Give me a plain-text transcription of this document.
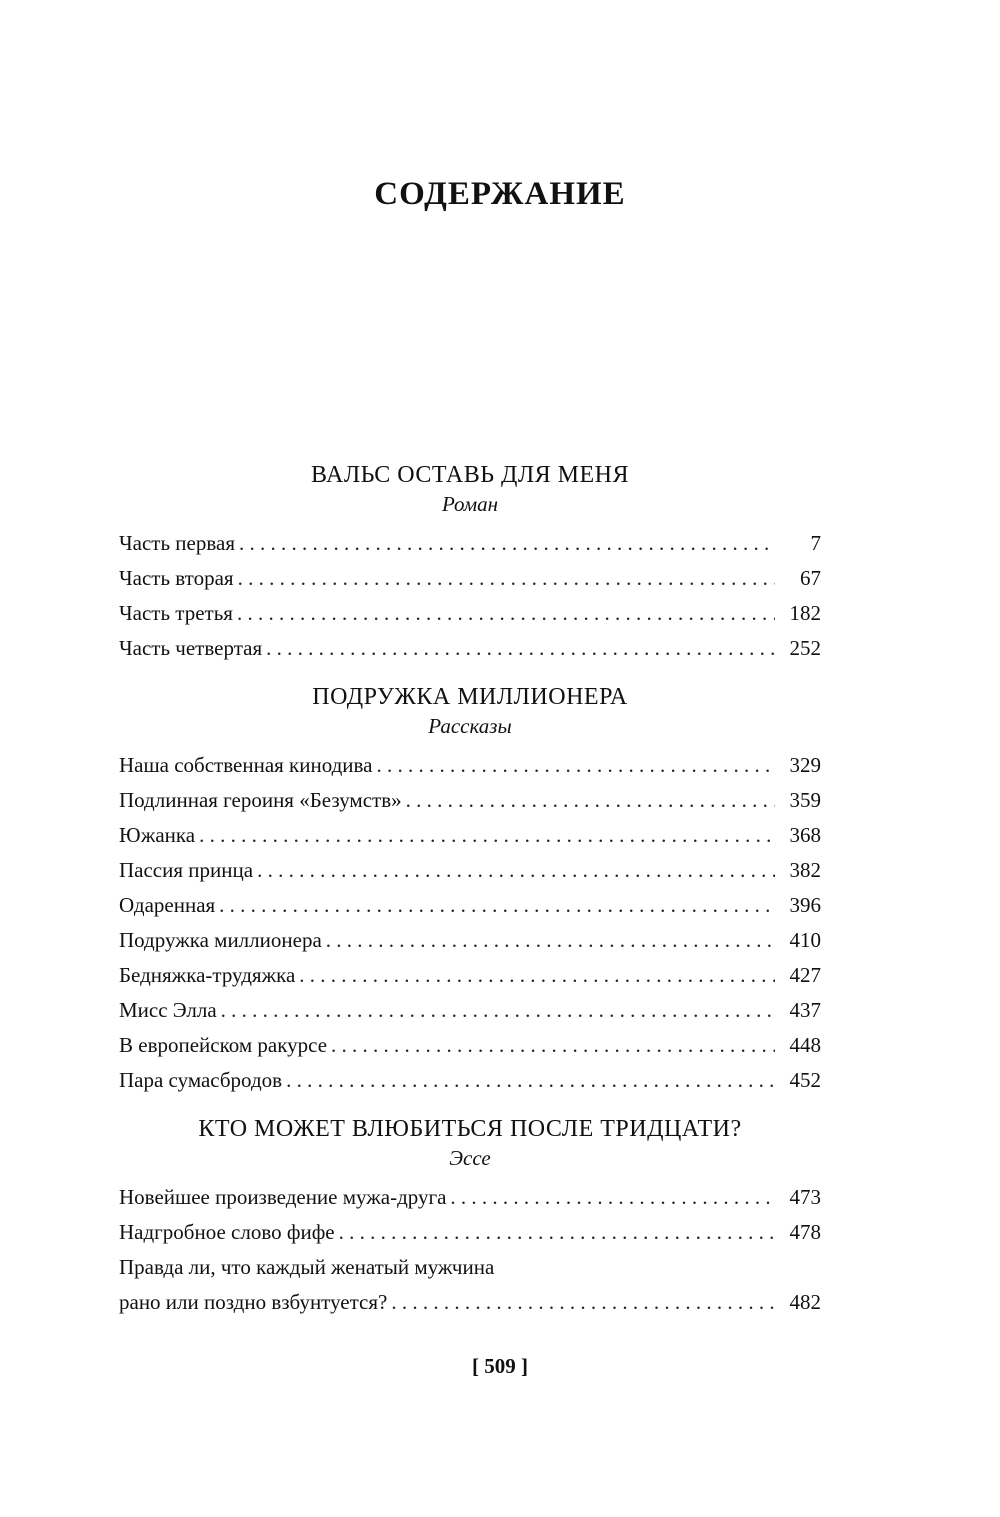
СОДЕРЖАНИЕ
ВАЛЬС ОСТАВЬ ДЛЯ МЕНЯ
Роман
Часть первая . . .	7
Часть вторая . . .	67
Часть третья . . .	182
Часть четвертая . . .	252
ПОДРУЖКА МИЛЛИОНЕРА
Рассказы
Наша собственная кинодива . . .	329
Подлинная героиня «Безумств» . . .	359
Южанка . . .	368
Пассия принца . . .	382
Одаренная . . .	396
Подружка миллионера . . .	410
Бедняжка-трудяжка . . .	427
Мисс Элла . . .	437
В европейском ракурсе . . .	448
Пара сумасбродов . . .	452
КТО МОЖЕТ ВЛЮБИТЬСЯ ПОСЛЕ ТРИДЦАТИ?
Эссе
Новейшее произведение мужа-друга . . .	473
Надгробное слово фифе . . .	478
Правда ли, что каждый женатый мужчина
рано или поздно взбунтуется? . . .	482
[ 509 ]
